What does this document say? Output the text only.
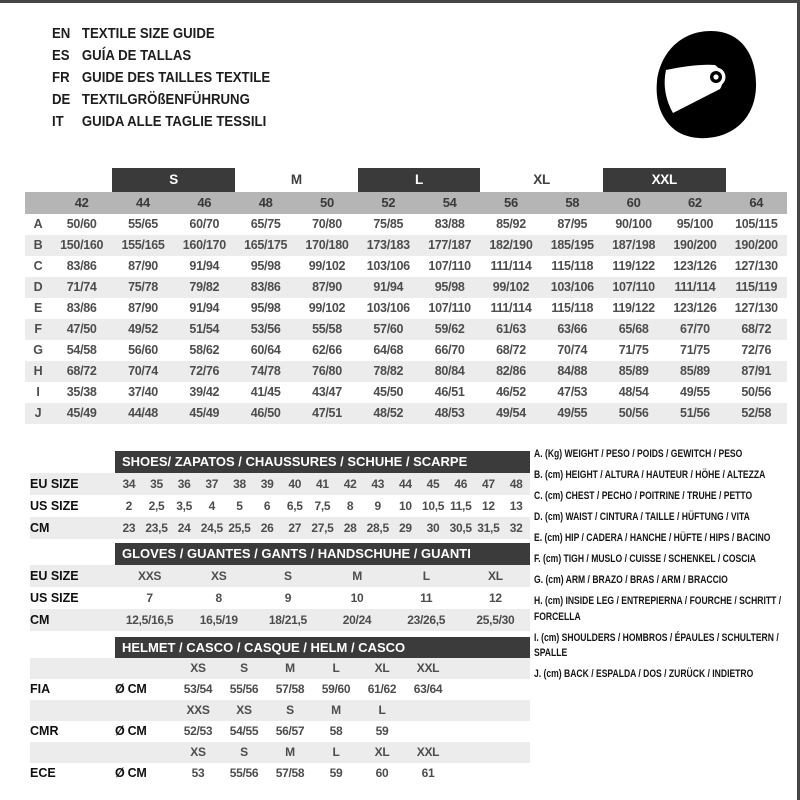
EN TEXTILE SIZE GUIDE
ES GUÍA DE TALLAS
FR GUIDE DES TAILLES TEXTILE
DE TEXTILGRÖßENFÜHRUNG
IT	GUIDA ALLE TAGLIE TESSILI

		S		M		L		XL		XXL		

	42	44	46	48	50	52	54	56	58	60	62	64
A	50/60	55/65	60/70	65/75	70/80	75/85	83/88	85/92	87/95	90/100	95/100	105/115
B	150/160	155/165	160/170	165/175	170/180	173/183	177/187	182/190	185/195	187/198	190/200	190/200
C	83/86	87/90	91/94	95/98	99/102	103/106	107/110	111/114	115/118	119/122	123/126	127/130
D	71/74	75/78	79/82	83/86	87/90	91/94	95/98	99/102	103/106	107/110	111/114	115/119
E	83/86	87/90	91/94	95/98	99/102	103/106	107/110	111/114	115/118	119/122	123/126	127/130
F	47/50	49/52	51/54	53/56	55/58	57/60	59/62	61/63	63/66	65/68	67/70	68/72
G	54/58	56/60	58/62	60/64	62/66	64/68	66/70	68/72	70/74	71/75	71/75	72/76
H	68/72	70/74	72/76	74/78	76/80	78/82	80/84	82/86	84/88	85/89	85/89	87/91
I	35/38	37/40	39/42	41/45	43/47	45/50	46/51	46/52	47/53	48/54	49/55	50/56
J	45/49	44/48	45/49	46/50	47/51	48/52	48/53	49/54	49/55	50/56	51/56	52/58
	SHOES/ ZAPATOS / CHAUSSURES / SCHUHE / SCARPE														
EU SIZE	34	35	36	37	38	39	40	41	42	43	44	45	46	47	48
US SIZE	2	2,5	3,5	4	5	6	6,5	7,5	8	9	10	10,5	11,5	12	13
CM	23	23,5	24	24,5	25,5	26	27	27,5	28	28,5	29	30	30,5	31,5	32
	GLOVES / GUANTES / GANTS / HANDSCHUHE / GUANTI					
EU SIZE	XXS	XS	S	M	L	XL
US SIZE	7	8	9	10	11	12
CM	12,5/16,5	16,5/19	18/21,5	20/24	23/26,5	25,5/30
	HELMET / CASCO / CASQUE / HELM / CASCO							
		XS	S	M	L	XL	XXL	
FIA	Ø CM	53/54	55/56	57/58	59/60	61/62	63/64	
		XXS	XS	S	M	L		
CMR	Ø CM	52/53	54/55	56/57	58	59		
		XS	S	M	L	XL	XXL	
ECE	Ø CM	53	55/56	57/58	59	60	61	
A. (Kg) WEIGHT / PESO / POIDS / GEWITCH / PESO
B. (cm) HEIGHT / ALTURA / HAUTEUR / HÖHE / ALTEZZA
C. (cm) CHEST / PECHO / POITRINE / TRUHE / PETTO
D. (cm) WAIST / CINTURA / TAILLE / HÜFTUNG / VITA
E. (cm) HIP / CADERA / HANCHE / HÜFTE / HIPS / BACINO
F. (cm) TIGH / MUSLO / CUISSE / SCHENKEL / COSCIA
G. (cm) ARM / BRAZO / BRAS / ARM / BRACCIO
H. (cm) INSIDE LEG / ENTREPIERNA / FOURCHE / SCHRITT / FORCELLA
I. (cm) SHOULDERS / HOMBROS / ÉPAULES / SCHULTERN / SPALLE
J. (cm) BACK / ESPALDA / DOS / ZURÜCK / INDIETRO
